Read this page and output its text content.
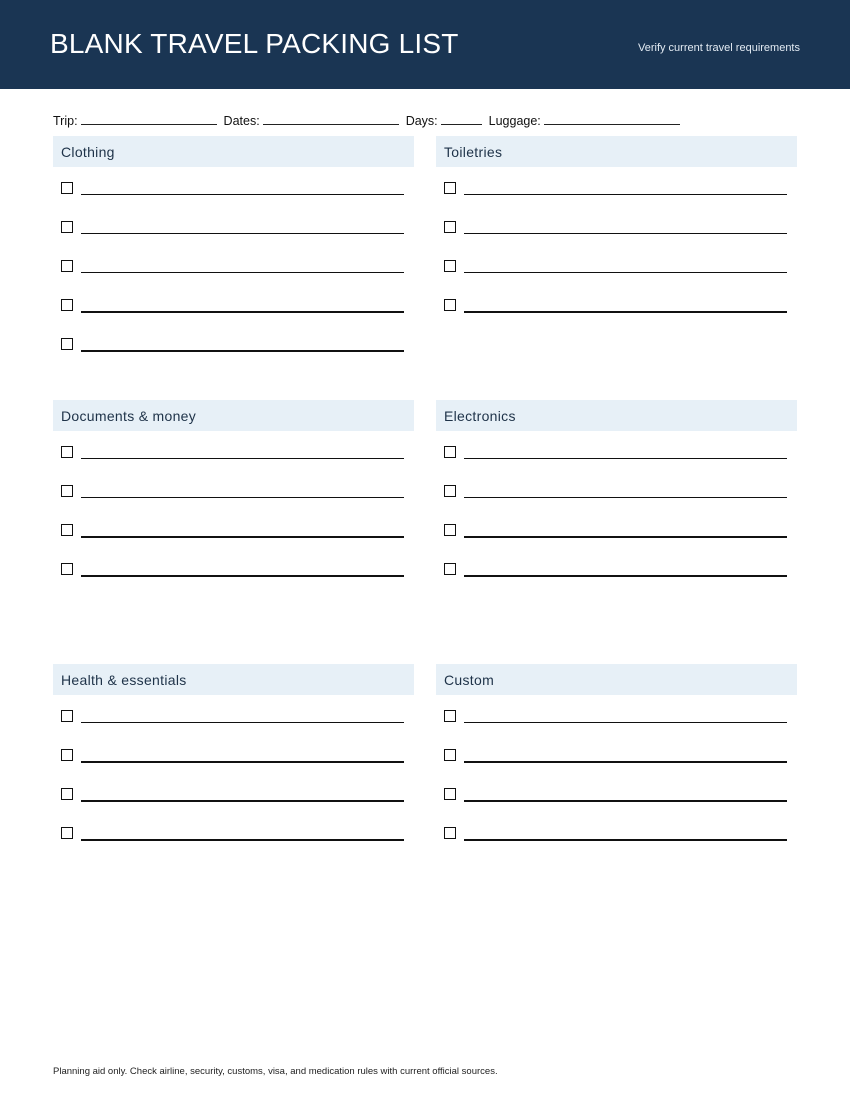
BLANK TRAVEL PACKING LIST	Verify current travel requirements
Trip:	Dates:	Days:	Luggage:
Clothing	Toiletries
Documents & money	Electronics
Health & essentials	Custom
Planning aid only. Check airline, security, customs, visa, and medication rules with current official sources.
